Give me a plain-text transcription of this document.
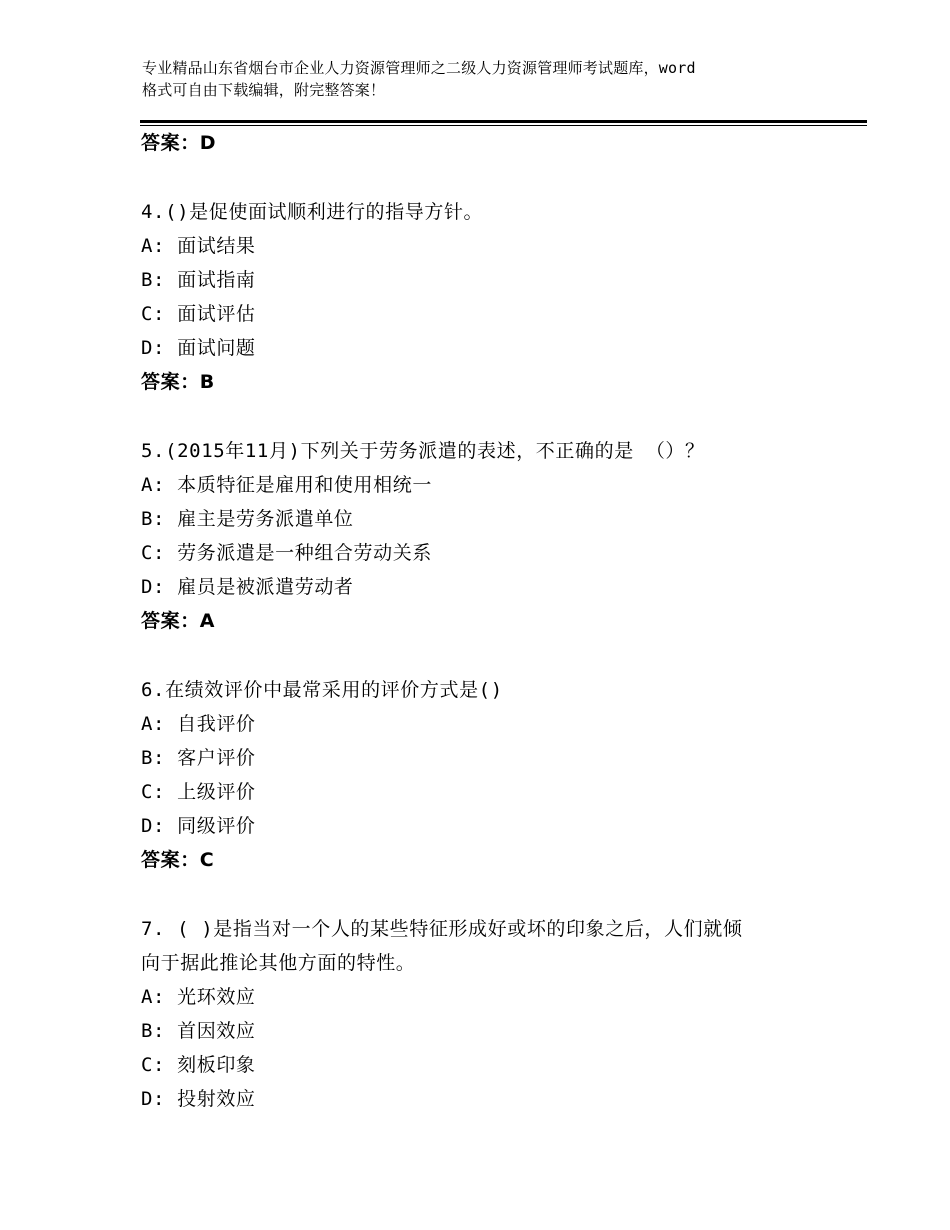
专业精品山东省烟台市企业人力资源管理师之二级人力资源管理师考试题库，word
格式可自由下载编辑，附完整答案！
答案：D
4.()是促使面试顺利进行的指导方针。
A: 面试结果
B: 面试指南
C: 面试评估
D: 面试问题
答案：B
5.(2015年11月)下列关于劳务派遣的表述，不正确的是 （）？
A: 本质特征是雇用和使用相统一
B: 雇主是劳务派遣单位
C: 劳务派遣是一种组合劳动关系
D: 雇员是被派遣劳动者
答案：A
6.在绩效评价中最常采用的评价方式是()
A: 自我评价
B: 客户评价
C: 上级评价
D: 同级评价
答案：C
7. ( )是指当对一个人的某些特征形成好或坏的印象之后，人们就倾
向于据此推论其他方面的特性。
A: 光环效应
B: 首因效应
C: 刻板印象
D: 投射效应
